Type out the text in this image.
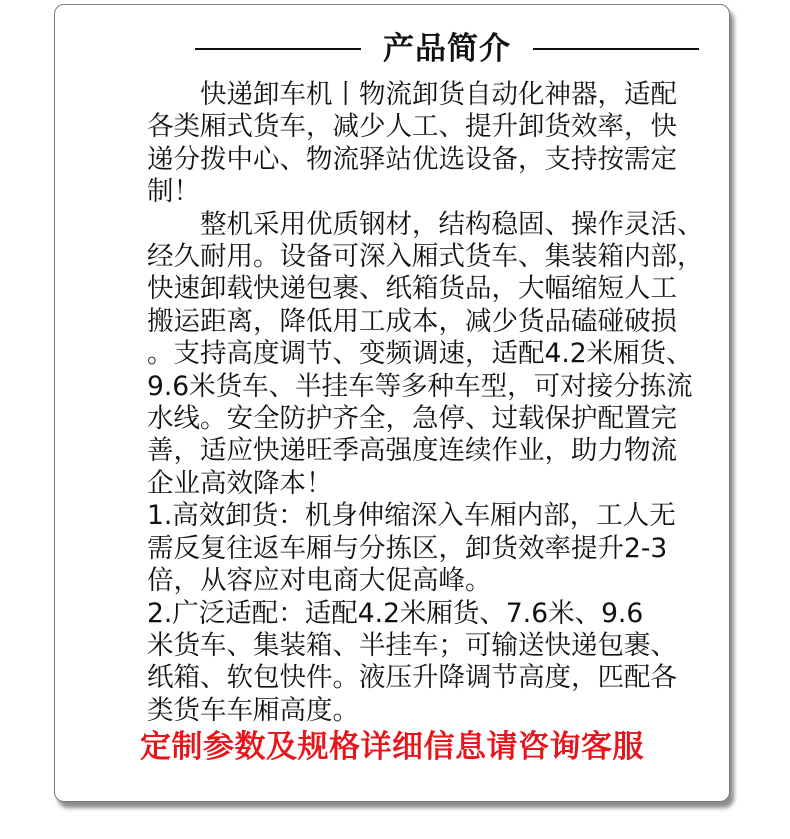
产品简介

　　快递卸车机丨物流卸货自动化神器，适配

各类厢式货车，减少人工、提升卸货效率，快

递分拨中心、物流驿站优选设备，支持按需定

制！

　　整机采用优质钢材，结构稳固、操作灵活、

经久耐用。设备可深入厢式货车、集装箱内部，

快速卸载快递包裹、纸箱货品，大幅缩短人工

搬运距离，降低用工成本，减少货品磕碰破损

。支持高度调节、变频调速，适配4.2米厢货、

9.6米货车、半挂车等多种车型，可对接分拣流

水线。安全防护齐全，急停、过载保护配置完

善，适应快递旺季高强度连续作业，助力物流

企业高效降本！

1.高效卸货：机身伸缩深入车厢内部，工人无

需反复往返车厢与分拣区，卸货效率提升2-3

倍，从容应对电商大促高峰。

2.广泛适配：适配4.2米厢货、7.6米、9.6

米货车、集装箱、半挂车；可输送快递包裹、

纸箱、软包快件。液压升降调节高度，匹配各

类货车车厢高度。

定制参数及规格详细信息请咨询客服
